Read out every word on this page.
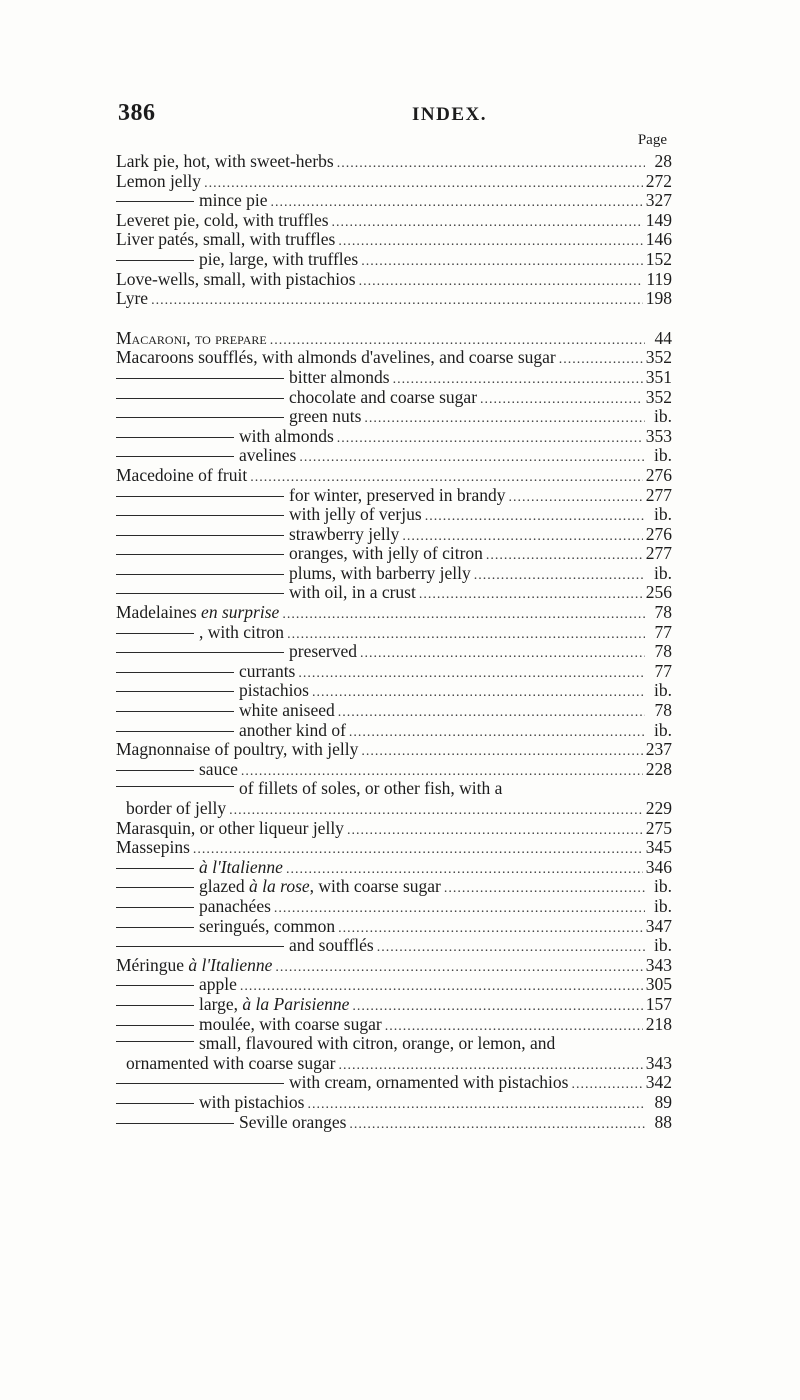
386	INDEX.
Page
Lark pie, hot, with sweet-herbs .....	28
Lemon jelly .....	272
mince pie .....	327
Leveret pie, cold, with truffles .....	149
Liver patés, small, with truffles .....	146
pie, large, with truffles .....	152
Love-wells, small, with pistachios .....	119
Lyre .....	198
Macaroni, to prepare .....	44
Macaroons soufflés, with almonds d'avelines, and coarse sugar .....	352
bitter almonds .....	351
chocolate and coarse sugar .....	352
green nuts .....	ib.
with almonds .....	353
avelines .....	ib.
Macedoine of fruit .....	276
for winter, preserved in brandy .....	277
with jelly of verjus .....	ib.
strawberry jelly .....	276
oranges, with jelly of citron .....	277
plums, with barberry jelly .....	ib.
with oil, in a crust .....	256
Madelaines en surprise .....	78
, with citron .....	77
preserved .....	78
currants .....	77
pistachios .....	ib.
white aniseed .....	78
another kind of .....	ib.
Magnonnaise of poultry, with jelly .....	237
sauce .....	228
of fillets of soles, or other fish, with a
border of jelly .....	229
Marasquin, or other liqueur jelly .....	275
Massepins .....	345
à l'Italienne .....	346
glazed à la rose, with coarse sugar .....	ib.
panachées .....	ib.
seringués, common .....	347
and soufflés .....	ib.
Méringue à l'Italienne .....	343
apple .....	305
large, à la Parisienne .....	157
moulée, with coarse sugar .....	218
small, flavoured with citron, orange, or lemon, and
ornamented with coarse sugar .....	343
with cream, ornamented with pistachios .....	342
with pistachios .....	89
Seville oranges .....	88
